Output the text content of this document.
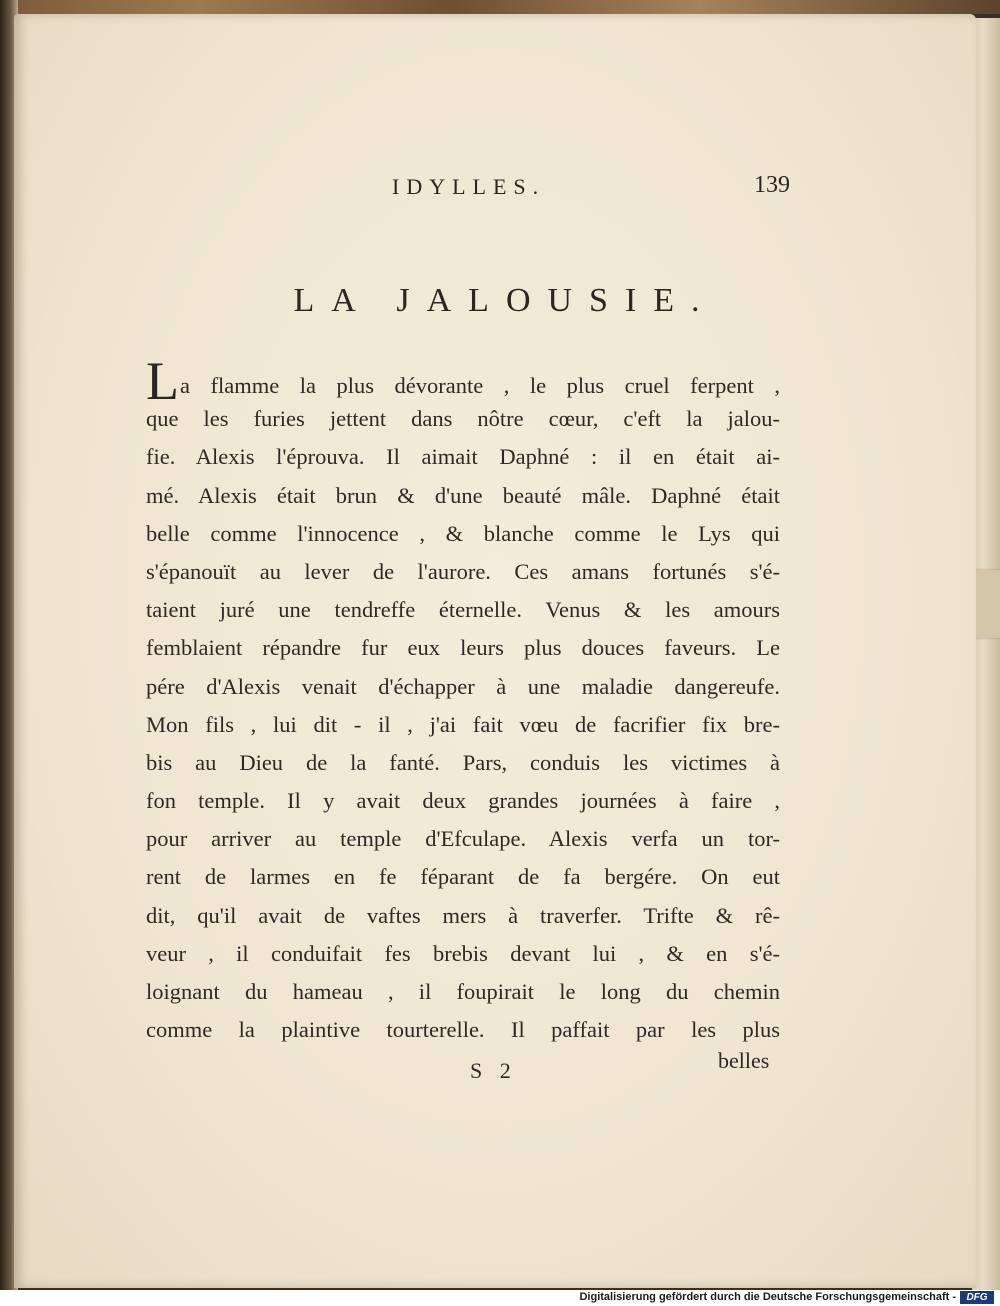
IDYLLES.	139
LA JALOUSIE.
La flamme la plus dévorante , le plus cruel ferpent ,
que les furies jettent dans nôtre cœur, c'eft la jalou-
fie. Alexis l'éprouva. Il aimait Daphné : il en était ai-
mé. Alexis était brun & d'une beauté mâle. Daphné était
belle comme l'innocence , & blanche comme le Lys qui
s'épanouït au lever de l'aurore. Ces amans fortunés s'é-
taient juré une tendreffe éternelle. Venus & les amours
femblaient répandre fur eux leurs plus douces faveurs. Le
pére d'Alexis venait d'échapper à une maladie dangereufe.
Mon fils , lui dit - il , j'ai fait vœu de facrifier fix bre-
bis au Dieu de la fanté. Pars, conduis les victimes à
fon temple. Il y avait deux grandes journées à faire ,
pour arriver au temple d'Efculape. Alexis verfa un tor-
rent de larmes en fe féparant de fa bergére. On eut
dit, qu'il avait de vaftes mers à traverfer. Trifte & rê-
veur , il conduifait fes brebis devant lui , & en s'é-
loignant du hameau , il foupirait le long du chemin
comme la plaintive tourterelle. Il paffait par les plus
S 2	belles
Digitalisierung gefördert durch die Deutsche Forschungsgemeinschaft -	DFG
